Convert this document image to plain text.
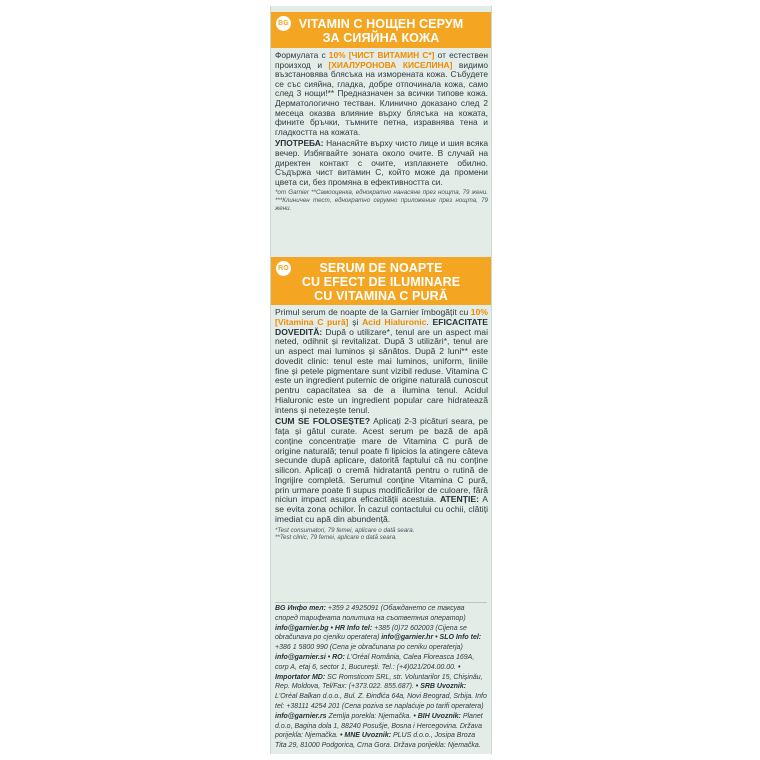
BG VITAMIN C НОЩЕН СЕРУМ
ЗА СИЯЙНА КОЖА

Формулата с 10% [ЧИСТ ВИТАМИН С*] от естествен произход и [ХИАЛУРОНОВА КИСЕЛИНА] видимо възстановява блясъка на изморената кожа. Събудете се със сияйна, гладка, добре отпочинала кожа, само след 3 нощи!** Предназначен за всички типове кожа. Дерматологично тестван. Клинично доказано след 2 месеца оказва влияние върху блясъка на кожата, фините бръчки, тъмните петна, изравнява тена и гладкостта на кожата.

УПОТРЕБА: Нанасяйте върху чисто лице и шия всяка вечер. Избягвайте зоната около очите. В случай на директен контакт с очите, изплакнете обилно. Съдържа чист витамин С, който може да промени цвета си, без промяна в ефективността си.

*от Garnier **Самооценка, еднократно нанасяне през нощта, 79 жени. ***Клиничен тест, еднократно серумно приложение през нощта, 79 жени.

RO	SERUM DE NOAPTE
CU EFECT DE ILUMINARE
CU VITAMINA C PURĂ

Primul serum de noapte de la Garnier îmbogățit cu 10%[Vitamina C pură] și Acid Hialuronic. EFICACITATE DOVEDITĂ: După o utilizare*, tenul are un aspect mai neted, odihnit și revitalizat. După 3 utilizări*, tenul are un aspect mai luminos și sănătos. După 2 luni** este dovedit clinic: tenul este mai luminos, uniform, liniile fine și petele pigmentare sunt vizibil reduse. Vitamina C este un ingredient puternic de origine naturală cunoscut pentru capacitatea sa de a ilumina tenul. Acidul Hialuronic este un ingredient popular care hidratează intens și netezește tenul.

CUM SE FOLOSEȘTE? Aplicați 2-3 picături seara, pe fața și gâtul curate. Acest serum pe bază de apă conține concentrație mare de Vitamina C pură de origine naturală; tenul poate fi lipicios la atingere câteva secunde după aplicare, datorită faptului că nu conține silicon. Aplicați o cremă hidratantă pentru o rutină de îngrijire completă. Serumul conține Vitamina C pură, prin urmare poate fi supus modificărilor de culoare, fără niciun impact asupra eficacității acestuia. ATENȚIE: A se evita zona ochilor. În cazul contactului cu ochii, clătiți imediat cu apă din abundență.

*Test consumatori, 79 femei, aplicare o dată seara.

**Test clinic, 79 femei, aplicare o dată seara.

BG Инфо тел: +359 2 4925091 (Обаждането се таксува според тарифната политика на съответния оператор) info@garnier.bg • HR Info tel: +385 (0)72 602003 (Cijena se obračunava po cjeniku operatera) info@garnier.hr • SLO Info tel: +386 1 5800 990 (Cena je obračunana po ceniku operaterja) info@garnier.si • RO: L'Oréal România, Calea Floreasca 169A, corp A, etaj 6, sector 1, București. Tel.: (+4)021/204.00.00. • Importator MD: SC Romsticom SRL, str. Voluntarilor 15, Chișinău, Rep. Moldova, Tel/Fax: (+373.022. 855.687). • SRB Uvoznik: L'Oréal Balkan d.o.o., Bul. Z. Đinđića 64a, Novi Beograd, Srbija. Info tel: +38111 4254 201 (Cena poziva se naplaćuje po tarifi operatera) info@garnier.rs Zemlja porekla: Njemačka. • BIH Uvoznik: Planet d.o.o, Bagina dola 1, 88240 Posušje, Bosna i Hercegovina. Država porijekla: Njemačka. • MNE Uvoznik: PLUS d.o.o., Josipa Broza Tita 29, 81000 Podgorica, Crna Gora. Država porijekla: Njemačka.
